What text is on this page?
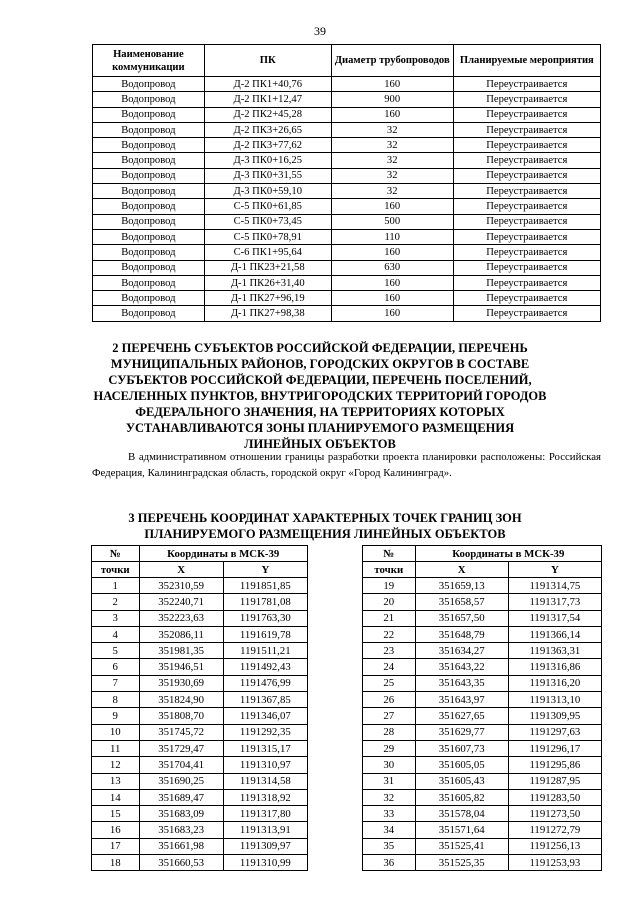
39
Наименование коммуникации	ПК	Диаметр трубопроводов	Планируемые мероприятия
Водопровод	Д-2 ПК1+40,76	160	Переустраивается
Водопровод	Д-2 ПК1+12,47	900	Переустраивается
Водопровод	Д-2 ПК2+45,28	160	Переустраивается
Водопровод	Д-2 ПК3+26,65	32	Переустраивается
Водопровод	Д-2 ПК3+77,62	32	Переустраивается
Водопровод	Д-3 ПК0+16,25	32	Переустраивается
Водопровод	Д-3 ПК0+31,55	32	Переустраивается
Водопровод	Д-3 ПК0+59,10	32	Переустраивается
Водопровод	С-5 ПК0+61,85	160	Переустраивается
Водопровод	С-5 ПК0+73,45	500	Переустраивается
Водопровод	С-5 ПК0+78,91	110	Переустраивается
Водопровод	С-6 ПК1+95,64	160	Переустраивается
Водопровод	Д-1 ПК23+21,58	630	Переустраивается
Водопровод	Д-1 ПК26+31,40	160	Переустраивается
Водопровод	Д-1 ПК27+96,19	160	Переустраивается
Водопровод	Д-1 ПК27+98,38	160	Переустраивается
2 ПЕРЕЧЕНЬ СУБЪЕКТОВ РОССИЙСКОЙ ФЕДЕРАЦИИ, ПЕРЕЧЕНЬ
МУНИЦИПАЛЬНЫХ РАЙОНОВ, ГОРОДСКИХ ОКРУГОВ В СОСТАВЕ
СУБЪЕКТОВ РОССИЙСКОЙ ФЕДЕРАЦИИ, ПЕРЕЧЕНЬ ПОСЕЛЕНИЙ,
НАСЕЛЕННЫХ ПУНКТОВ, ВНУТРИГОРОДСКИХ ТЕРРИТОРИЙ ГОРОДОВ
ФЕДЕРАЛЬНОГО ЗНАЧЕНИЯ, НА ТЕРРИТОРИЯХ КОТОРЫХ
УСТАНАВЛИВАЮТСЯ ЗОНЫ ПЛАНИРУЕМОГО РАЗМЕЩЕНИЯ
ЛИНЕЙНЫХ ОБЪЕКТОВ
В административном отношении границы разработки проекта планировки расположены: Российская Федерация, Калининградская область, городской округ «Город Калининград».
3 ПЕРЕЧЕНЬ КООРДИНАТ ХАРАКТЕРНЫХ ТОЧЕК ГРАНИЦ ЗОН
ПЛАНИРУЕМОГО РАЗМЕЩЕНИЯ ЛИНЕЙНЫХ ОБЪЕКТОВ
№	Координаты в МСК-39	
точки	X	Y
1	352310,59	1191851,85
2	352240,71	1191781,08
3	352223,63	1191763,30
4	352086,11	1191619,78
5	351981,35	1191511,21
6	351946,51	1191492,43
7	351930,69	1191476,99
8	351824,90	1191367,85
9	351808,70	1191346,07
10	351745,72	1191292,35
11	351729,47	1191315,17
12	351704,41	1191310,97
13	351690,25	1191314,58
14	351689,47	1191318,92
15	351683,09	1191317,80
16	351683,23	1191313,91
17	351661,98	1191309,97
18	351660,53	1191310,99
№	Координаты в МСК-39	
точки	X	Y
19	351659,13	1191314,75
20	351658,57	1191317,73
21	351657,50	1191317,54
22	351648,79	1191366,14
23	351634,27	1191363,31
24	351643,22	1191316,86
25	351643,35	1191316,20
26	351643,97	1191313,10
27	351627,65	1191309,95
28	351629,77	1191297,63
29	351607,73	1191296,17
30	351605,05	1191295,86
31	351605,43	1191287,95
32	351605,82	1191283,50
33	351578,04	1191273,50
34	351571,64	1191272,79
35	351525,41	1191256,13
36	351525,35	1191253,93
